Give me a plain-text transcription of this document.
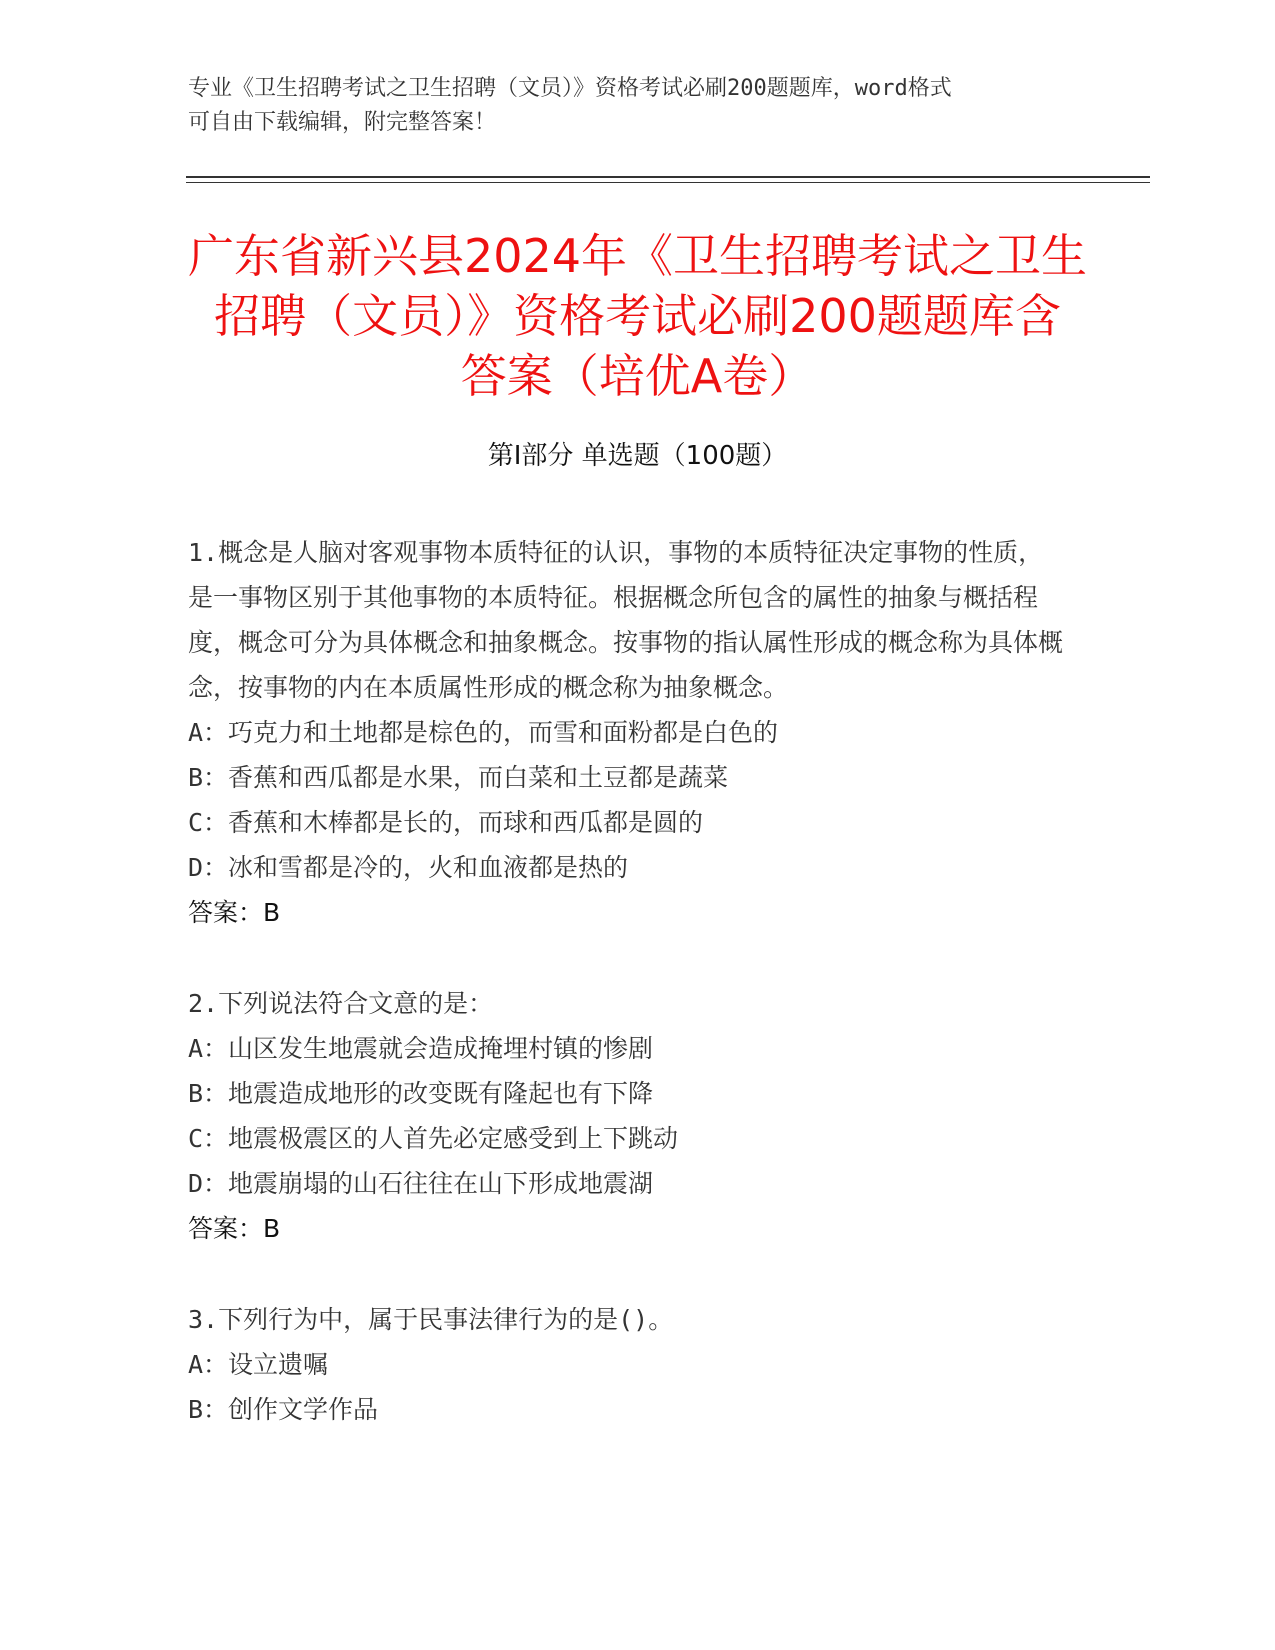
专业《卫生招聘考试之卫生招聘（文员）》资格考试必刷200题题库，word格式
可自由下载编辑，附完整答案！
广东省新兴县2024年《卫生招聘考试之卫生
招聘（文员）》资格考试必刷200题题库含
答案（培优A卷）
第Ⅰ部分 单选题（100题）

1.概念是人脑对客观事物本质特征的认识，事物的本质特征决定事物的性质，是一事物区别于其他事物的本质特征。根据概念所包含的属性的抽象与概括程度，概念可分为具体概念和抽象概念。按事物的指认属性形成的概念称为具体概念，按事物的内在本质属性形成的概念称为抽象概念。

A：巧克力和土地都是棕色的，而雪和面粉都是白色的

B：香蕉和西瓜都是水果，而白菜和土豆都是蔬菜

C：香蕉和木棒都是长的，而球和西瓜都是圆的

D：冰和雪都是冷的，火和血液都是热的

答案：B

2.下列说法符合文意的是：

A：山区发生地震就会造成掩埋村镇的惨剧

B：地震造成地形的改变既有隆起也有下降

C：地震极震区的人首先必定感受到上下跳动

D：地震崩塌的山石往往在山下形成地震湖

答案：B

3.下列行为中，属于民事法律行为的是()。

A：设立遗嘱

B：创作文学作品
